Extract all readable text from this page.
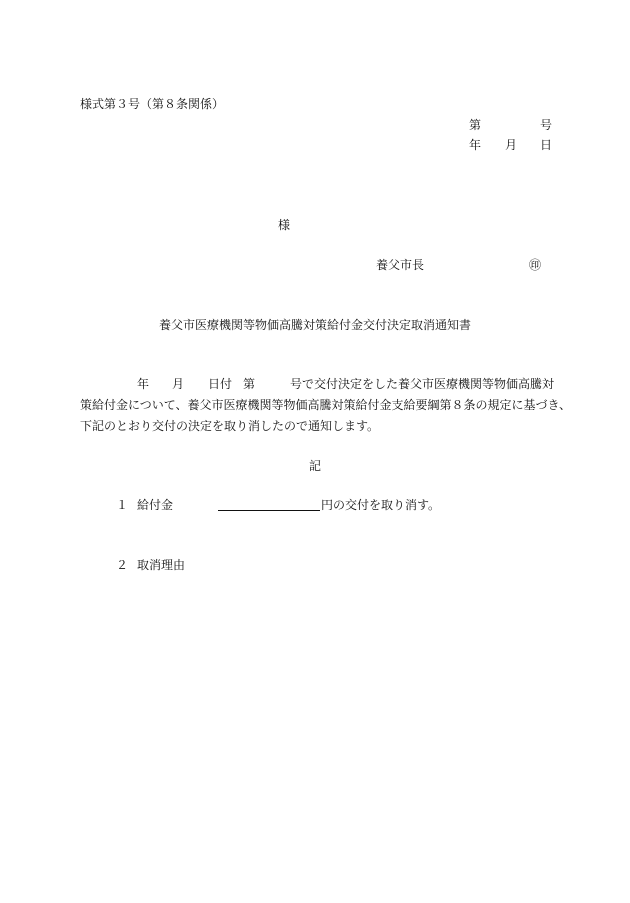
様式第３号（第８条関係）
第	号
年 月 日
様
養父市長	㊞
養父市医療機関等物価高騰対策給付金交付決定取消通知書
年 月 日付 第	号で交付決定をした養父市医療機関等物価高騰対
策給付金について、養父市医療機関等物価高騰対策給付金支給要綱第８条の規定に基づき、
下記のとおり交付の決定を取り消したので通知します。
記
１ 給付金	円の交付を取り消す。
２ 取消理由
